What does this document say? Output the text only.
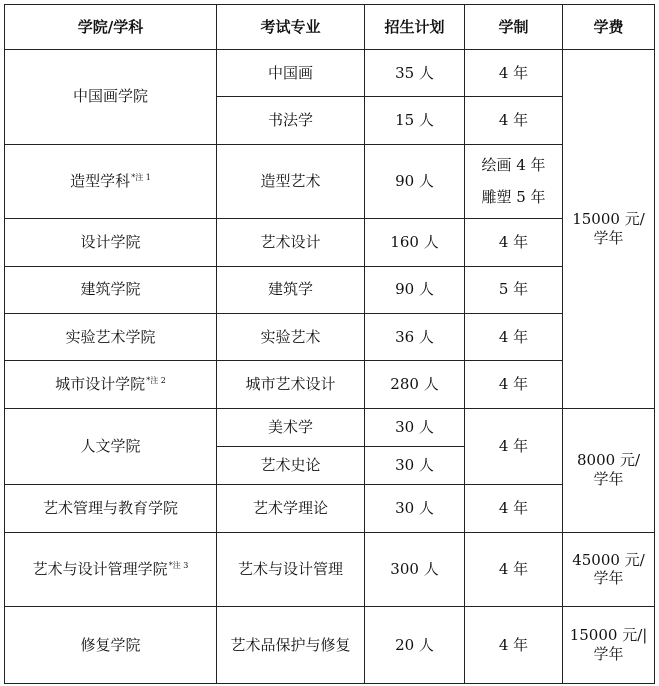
学院/学科	考试专业	招生计划	学制	学费
中国画学院	中国画	35 人	4 年	15000 元/
学年

	书法学	15 人	4 年	
造型学科$^{*注 1}$	造型艺术	90 人	绘画 4 年
雕塑 5 年	

设计学院	艺术设计	160 人	4 年	
建筑学院	建筑学	90 人	5 年	
实验艺术学院	实验艺术	36 人	4 年	
城市设计学院$^{*注 2}$	城市艺术设计	280 人	4 年	
人文学院	美术学	30 人	4 年	8000 元/
学年

	艺术史论	30 人		
艺术管理与教育学院	艺术学理论	30 人	4 年	
艺术与设计管理学院$^{*注 3}$	艺术与设计管理	300 人	4 年	45000 元/
学年

修复学院	艺术品保护与修复	20 人	4 年	15000 元/|
学年
